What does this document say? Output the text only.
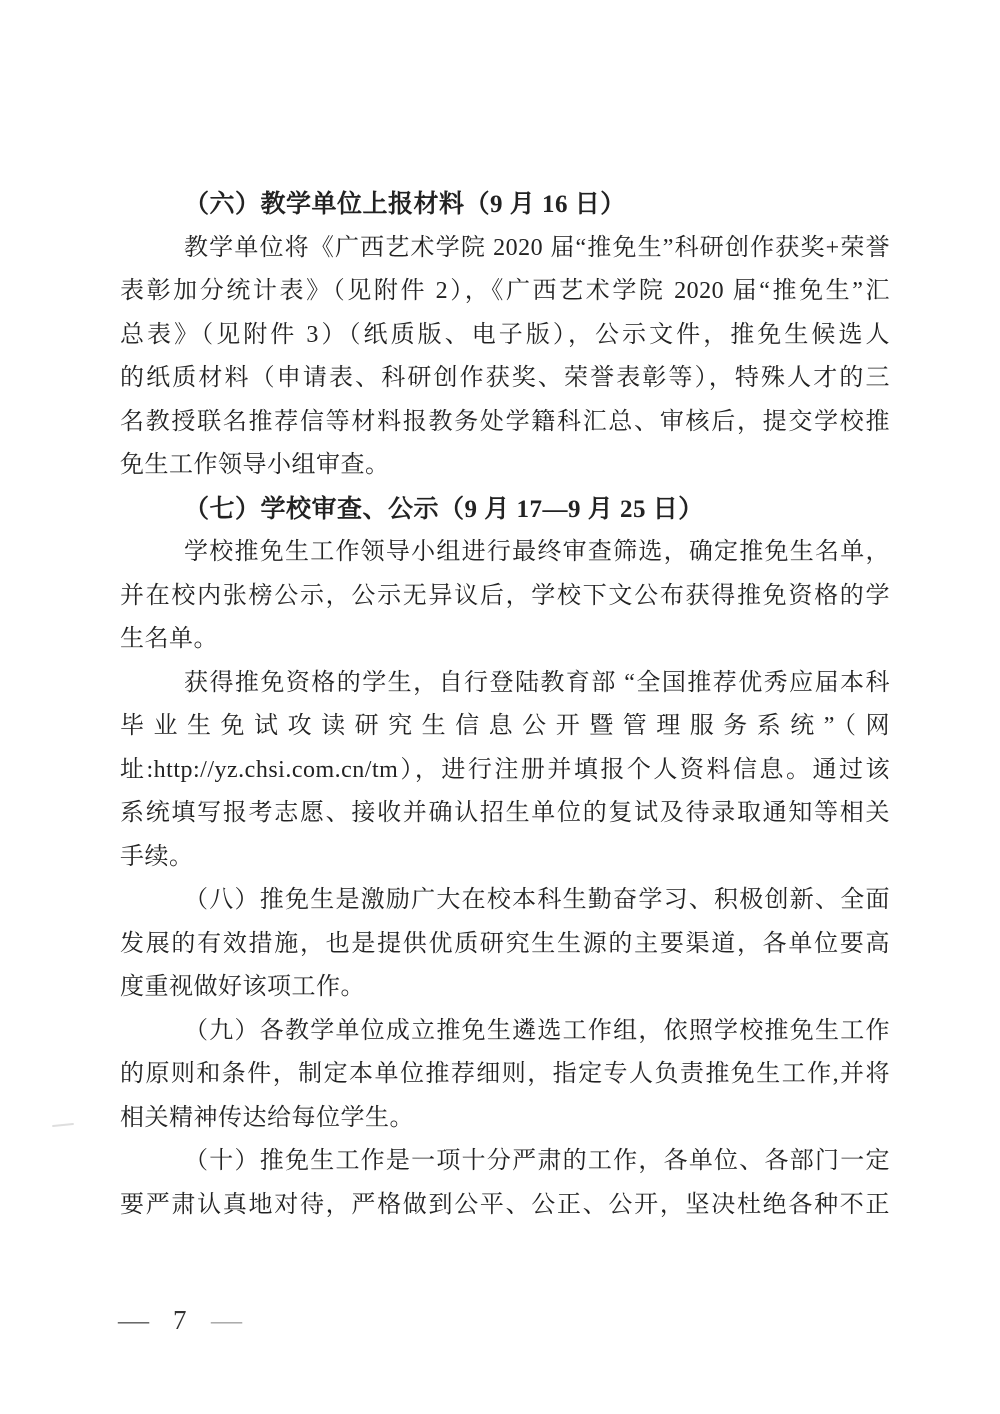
（六）教学单位上报材料（9 月 16 日）
教学单位将《广西艺术学院 2020 届“推免生”科研创作获奖+荣誉
表彰加分统计表》（见附件 2），《广西艺术学院 2020 届“推免生”汇
总表》（见附件 3）（纸质版、电子版），公示文件，推免生候选人
的纸质材料（申请表、科研创作获奖、荣誉表彰等），特殊人才的三
名教授联名推荐信等材料报教务处学籍科汇总、审核后，提交学校推
免生工作领导小组审查。
（七）学校审查、公示（9 月 17—9 月 25 日）
学校推免生工作领导小组进行最终审查筛选，确定推免生名单，
并在校内张榜公示，公示无异议后，学校下文公布获得推免资格的学
生名单。
获得推免资格的学生，自行登陆教育部 “全国推荐优秀应届本科
毕业生免试攻读研究生信息公开暨管理服务系统”（网
址:http://yz.chsi.com.cn/tm），进行注册并填报个人资料信息。通过该
系统填写报考志愿、接收并确认招生单位的复试及待录取通知等相关
手续。
（八）推免生是激励广大在校本科生勤奋学习、积极创新、全面
发展的有效措施，也是提供优质研究生生源的主要渠道，各单位要高
度重视做好该项工作。
（九）各教学单位成立推免生遴选工作组，依照学校推免生工作
的原则和条件，制定本单位推荐细则，指定专人负责推免生工作,并将
相关精神传达给每位学生。
（十）推免生工作是一项十分严肃的工作，各单位、各部门一定
要严肃认真地对待，严格做到公平、公正、公开，坚决杜绝各种不正
— 7 —
